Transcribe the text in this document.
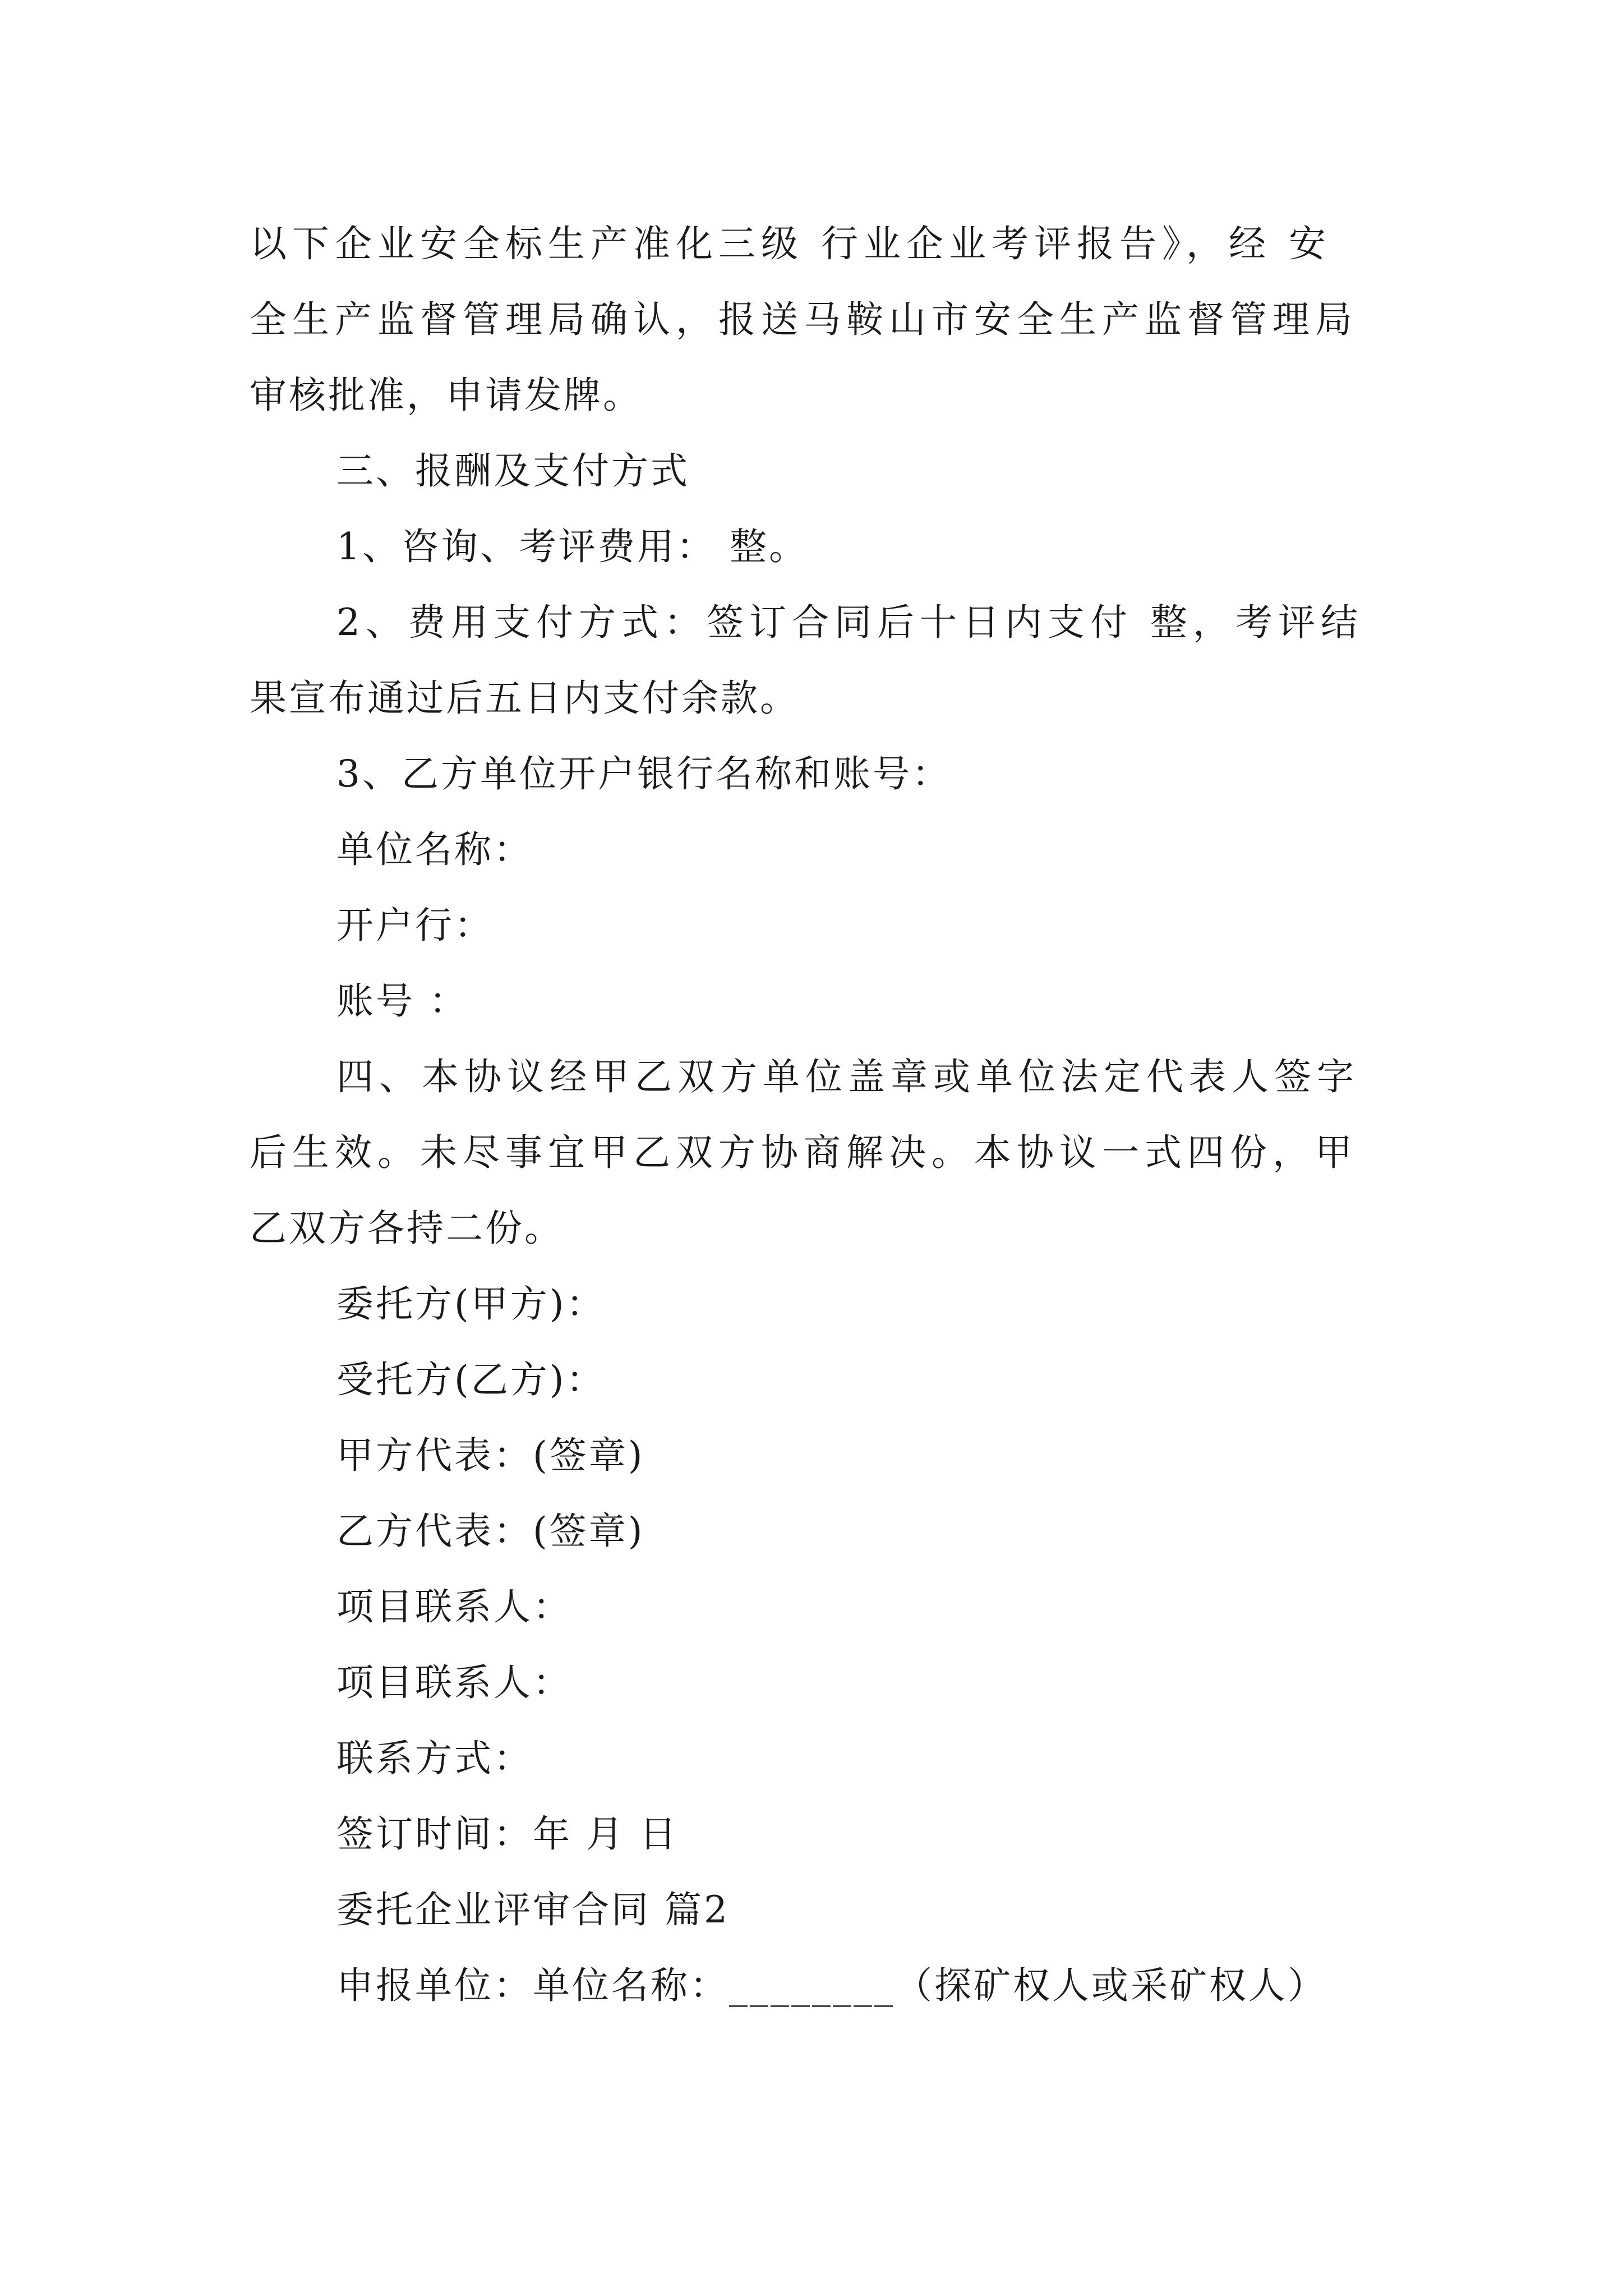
以下企业安全标生产准化三级 行业企业考评报告》，经 安
全生产监督管理局确认，报送马鞍山市安全生产监督管理局
审核批准，申请发牌。
三、报酬及支付方式
1、咨询、考评费用： 整。
2、费用支付方式：签订合同后十日内支付 整，考评结
果宣布通过后五日内支付余款。
3、乙方单位开户银行名称和账号：
单位名称：
开户行：
账号 ：
四、本协议经甲乙双方单位盖章或单位法定代表人签字
后生效。未尽事宜甲乙双方协商解决。本协议一式四份，甲
乙双方各持二份。
委托方(甲方)：
受托方(乙方)：
甲方代表：(签章)
乙方代表：(签章)
项目联系人：
项目联系人：
联系方式：
签订时间：年 月 日
委托企业评审合同 篇2
申报单位：单位名称：________（探矿权人或采矿权人）
